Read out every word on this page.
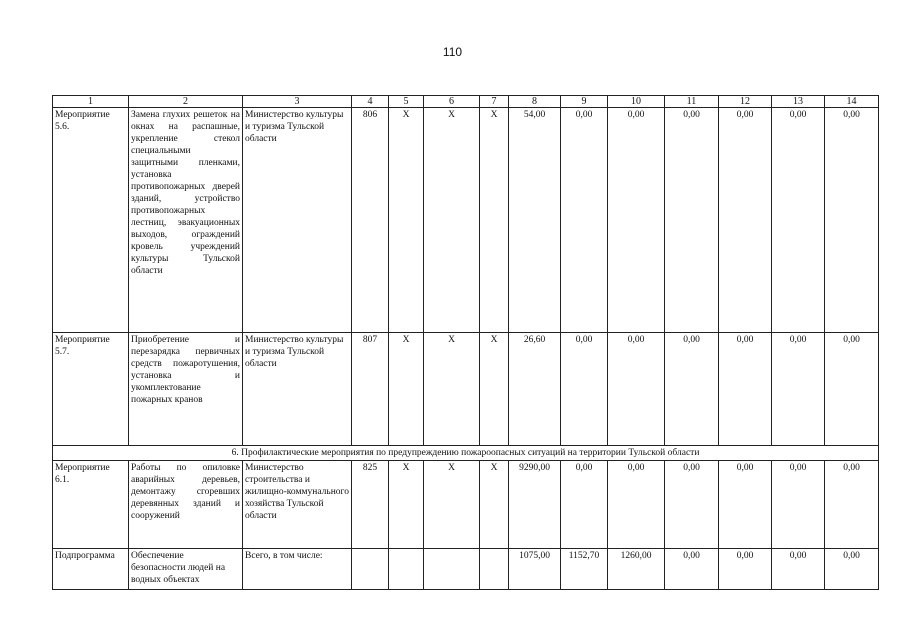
110
1	2	3	4	5	6	7	8	9	10	11	12	13	14
Мероприятие 5.6.	Замена глухих решеток на окнах на распашные, укрепление стекол специальными защитными пленками, установка противопожарных дверей зданий, устройство противопожарных лестниц, эвакуационных выходов, ограждений кровель учреждений культуры Тульской области	Министерство культуры и туризма Тульской области	806	Х	Х	Х	54,00	0,00	0,00	0,00	0,00	0,00	0,00
Мероприятие 5.7.	Приобретение и перезарядка первичных средств пожаротушения, установка и укомплектование пожарных кранов	Министерство культуры и туризма Тульской области	807	Х	Х	Х	26,60	0,00	0,00	0,00	0,00	0,00	0,00
6. Профилактические мероприятия по предупреждению пожароопасных ситуаций на территории Тульской области													
Мероприятие 6.1.	Работы по опиловке аварийных деревьев, демонтажу сгоревших деревянных зданий и сооружений	Министерство строительства и жилищно-коммунального хозяйства Тульской области	825	Х	Х	Х	9290,00	0,00	0,00	0,00	0,00	0,00	0,00
Подпрограмма	Обеспечение безопасности людей на водных объектах	Всего, в том числе:					1075,00	1152,70	1260,00	0,00	0,00	0,00	0,00
